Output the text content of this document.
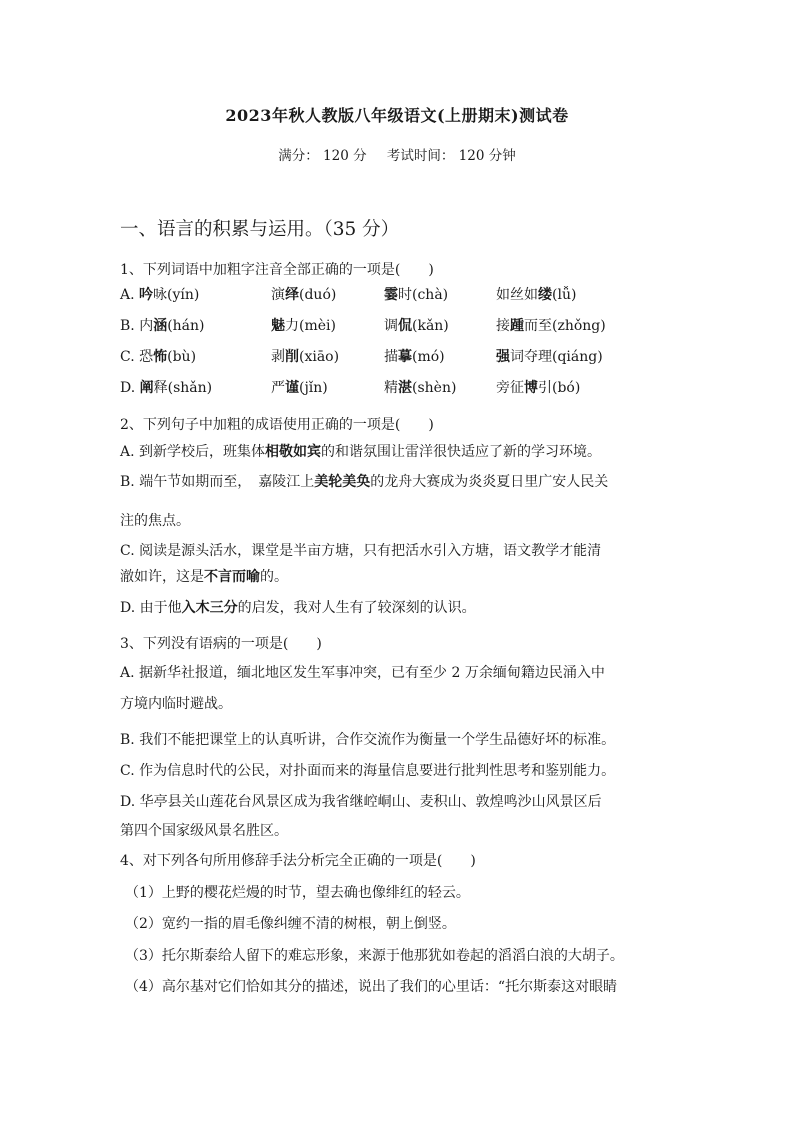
2023年秋人教版八年级语文(上册期末)测试卷
满分： 120 分 考试时间： 120 分钟
一、语言的积累与运用。（35 分）
1、下列词语中加粗字注音全部正确的一项是(　　)
A. 吟咏(yín)	演绎(duó)	霎时(chà)	如丝如缕(lǚ)
B. 内涵(hán)	魅力(mèi)	调侃(kǎn)	接踵而至(zhǒng)
C. 恐怖(bù)	剥削(xiāo)	描摹(mó)	强词夺理(qiáng)
D. 阐释(shǎn)	严谨(jǐn)	精湛(shèn)	旁征博引(bó)
2、下列句子中加粗的成语使用正确的一项是(　　)
A. 到新学校后，班集体相敬如宾的和谐氛围让雷洋很快适应了新的学习环境。
B. 端午节如期而至，　嘉陵江上美轮美奂的龙舟大赛成为炎炎夏日里广安人民关
注的焦点。
C. 阅读是源头活水，课堂是半亩方塘，只有把活水引入方塘，语文教学才能清
澈如许，这是不言而喻的。
D. 由于他入木三分的启发，我对人生有了较深刻的认识。
3、下列没有语病的一项是(　　)
A. 据新华社报道，缅北地区发生军事冲突，已有至少 2 万余缅甸籍边民涌入中
方境内临时避战。
B. 我们不能把课堂上的认真听讲，合作交流作为衡量一个学生品德好坏的标准。
C. 作为信息时代的公民，对扑面而来的海量信息要进行批判性思考和鉴别能力。
D. 华亭县关山莲花台风景区成为我省继崆峒山、麦积山、敦煌鸣沙山风景区后
第四个国家级风景名胜区。
4、对下列各句所用修辞手法分析完全正确的一项是(　　)
（1）上野的樱花烂熳的时节，望去确也像绯红的轻云。
（2）宽约一指的眉毛像纠缠不清的树根，朝上倒竖。
（3）托尔斯泰给人留下的难忘形象，来源于他那犹如卷起的滔滔白浪的大胡子。
（4）高尔基对它们恰如其分的描述，说出了我们的心里话：“托尔斯泰这对眼睛
